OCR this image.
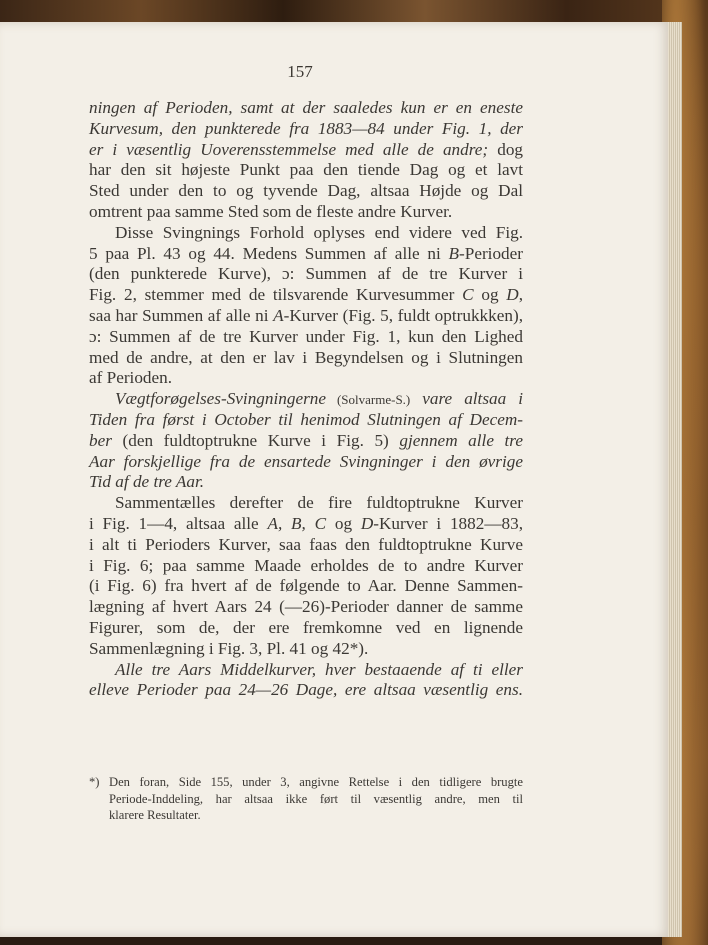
157
ningen af Perioden, samt at der saaledes kun er en eneste
Kurvesum, den punkterede fra 1883—84 under Fig. 1, der
er i væsentlig Uoverensstemmelse med alle de andre; dog
har den sit højeste Punkt paa den tiende Dag og et lavt
Sted under den to og tyvende Dag, altsaa Højde og Dal
omtrent paa samme Sted som de fleste andre Kurver.
Disse Svingnings Forhold oplyses end videre ved Fig.
5 paa Pl. 43 og 44. Medens Summen af alle ni B-Perioder
(den punkterede Kurve), ɔ: Summen af de tre Kurver i
Fig. 2, stemmer med de tilsvarende Kurvesummer C og D,
saa har Summen af alle ni A-Kurver (Fig. 5, fuldt optrukkken),
ɔ: Summen af de tre Kurver under Fig. 1, kun den Lighed
med de andre, at den er lav i Begyndelsen og i Slutningen
af Perioden.
Vægtforøgelses-Svingningerne (Solvarme-S.) vare altsaa i
Tiden fra først i October til henimod Slutningen af Decem-
ber (den fuldtoptrukne Kurve i Fig. 5) gjennem alle tre
Aar forskjellige fra de ensartede Svingninger i den øvrige
Tid af de tre Aar.
Sammentælles derefter de fire fuldtoptrukne Kurver
i Fig. 1—4, altsaa alle A, B, C og D-Kurver i 1882—83,
i alt ti Perioders Kurver, saa faas den fuldtoptrukne Kurve
i Fig. 6; paa samme Maade erholdes de to andre Kurver
(i Fig. 6) fra hvert af de følgende to Aar. Denne Sammen-
lægning af hvert Aars 24 (—26)-Perioder danner de samme
Figurer, som de, der ere fremkomne ved en lignende
Sammenlægning i Fig. 3, Pl. 41 og 42*).
Alle tre Aars Middelkurver, hver bestaaende af ti eller
elleve Perioder paa 24—26 Dage, ere altsaa væsentlig ens.
*) Den foran, Side 155, under 3, angivne Rettelse i den tidligere brugte
Periode-Inddeling, har altsaa ikke ført til væsentlig andre, men til
klarere Resultater.
